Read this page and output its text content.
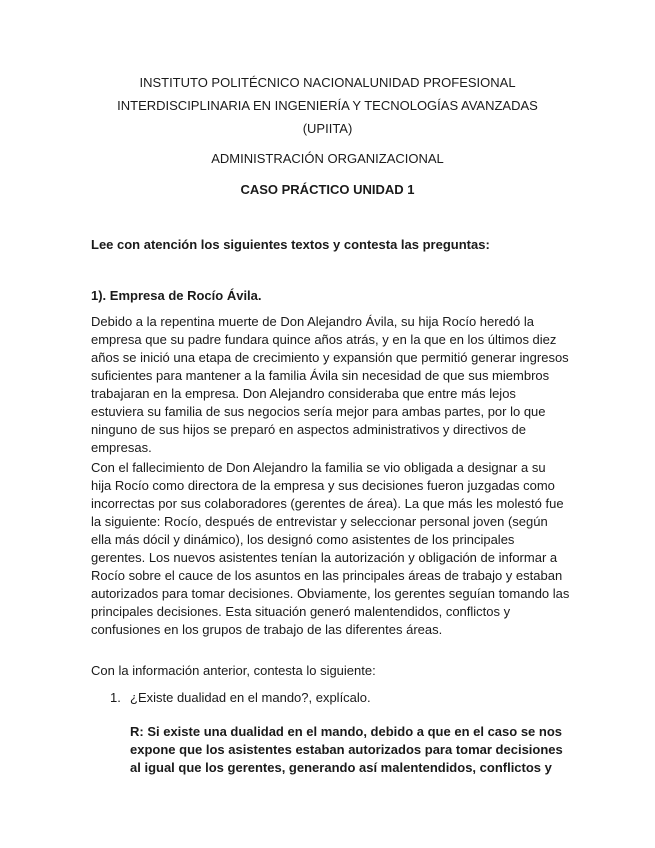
INSTITUTO POLITÉCNICO NACIONALUNIDAD PROFESIONAL
INTERDISCIPLINARIA EN INGENIERÍA Y TECNOLOGÍAS AVANZADAS
(UPIITA)
ADMINISTRACIÓN ORGANIZACIONAL
CASO PRÁCTICO UNIDAD 1
Lee con atención los siguientes textos y contesta las preguntas:
1). Empresa de Rocío Ávila.
Debido a la repentina muerte de Don Alejandro Ávila, su hija Rocío heredó la
empresa que su padre fundara quince años atrás, y en la que en los últimos diez
años se inició una etapa de crecimiento y expansión que permitió generar ingresos
suficientes para mantener a la familia Ávila sin necesidad de que sus miembros
trabajaran en la empresa. Don Alejandro consideraba que entre más lejos
estuviera su familia de sus negocios sería mejor para ambas partes, por lo que
ninguno de sus hijos se preparó en aspectos administrativos y directivos de
empresas.
Con el fallecimiento de Don Alejandro la familia se vio obligada a designar a su
hija Rocío como directora de la empresa y sus decisiones fueron juzgadas como
incorrectas por sus colaboradores (gerentes de área). La que más les molestó fue
la siguiente: Rocío, después de entrevistar y seleccionar personal joven (según
ella más dócil y dinámico), los designó como asistentes de los principales
gerentes. Los nuevos asistentes tenían la autorización y obligación de informar a
Rocío sobre el cauce de los asuntos en las principales áreas de trabajo y estaban
autorizados para tomar decisiones. Obviamente, los gerentes seguían tomando las
principales decisiones. Esta situación generó malentendidos, conflictos y
confusiones en los grupos de trabajo de las diferentes áreas.
Con la información anterior, contesta lo siguiente:
1. ¿Existe dualidad en el mando?, explícalo.
R: Si existe una dualidad en el mando, debido a que en el caso se nos
expone que los asistentes estaban autorizados para tomar decisiones
al igual que los gerentes, generando así malentendidos, conflictos y
